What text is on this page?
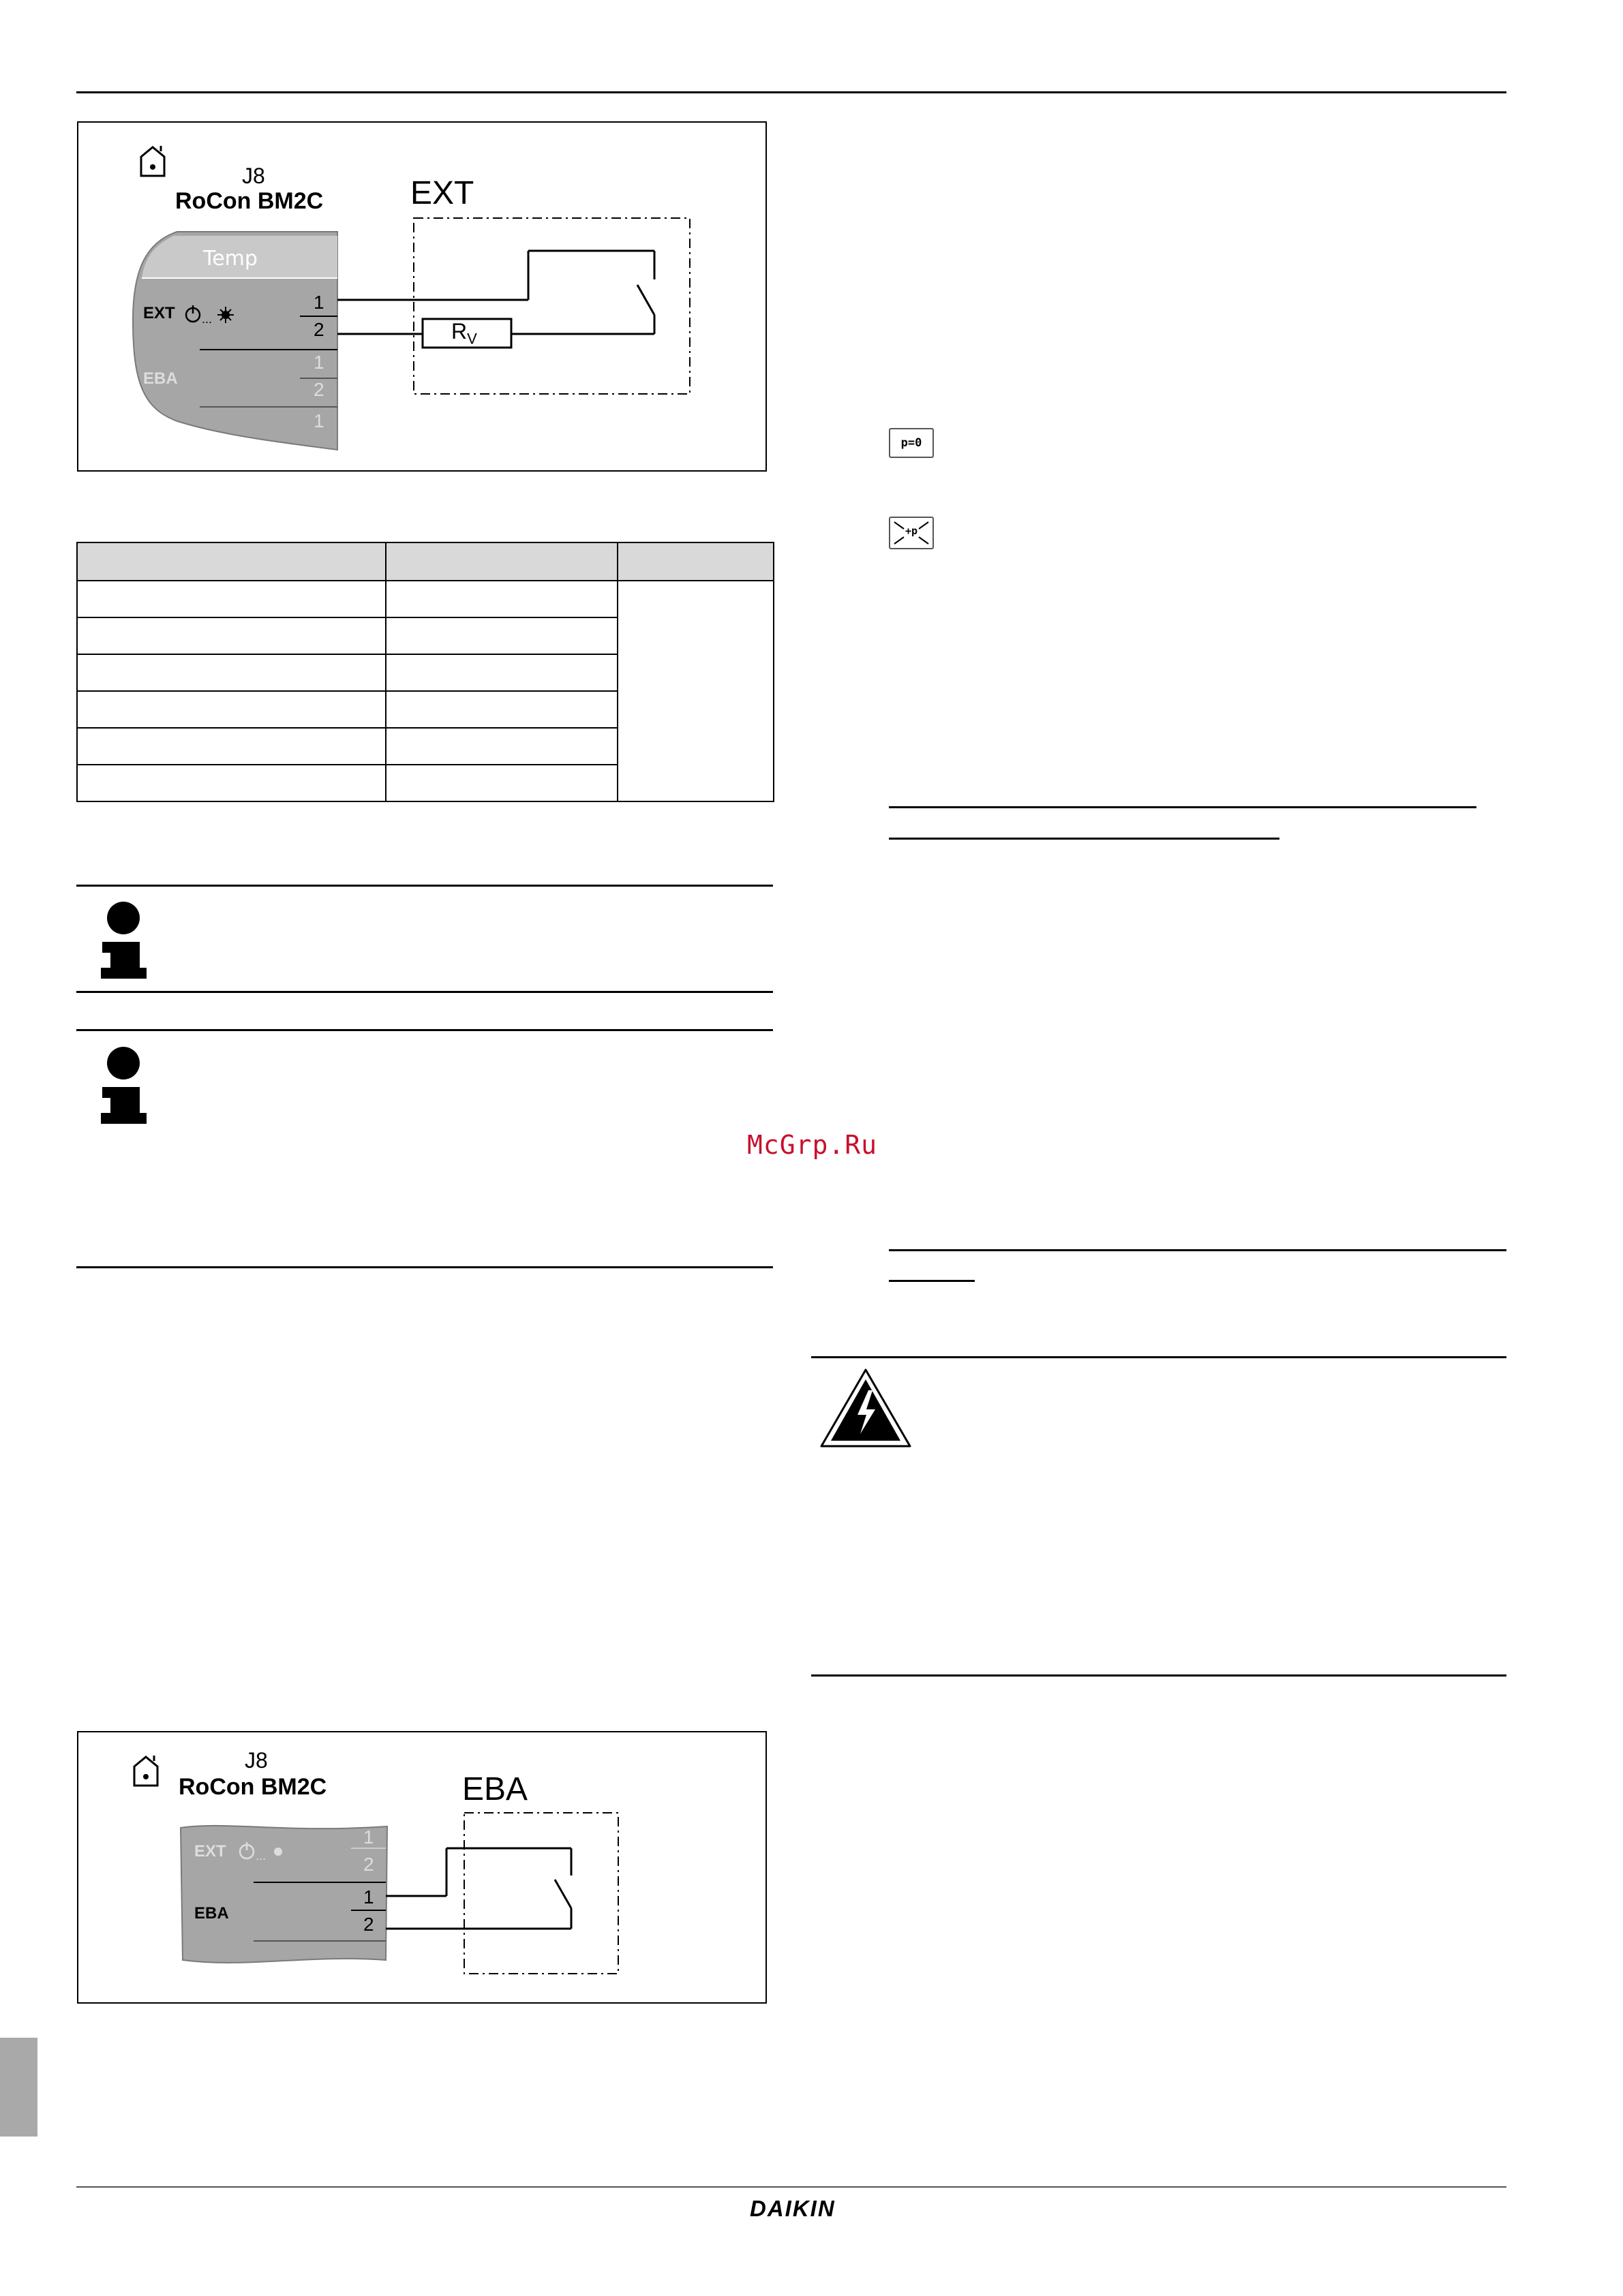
...
J8
RoCon BM2C	EXT
Temp
EXT
EBA
1
2
1
2
1
$R_V$

...
J8
RoCon BM2C	EBA
EXT
EBA
1
2
1
2
p=0
+p
McGrp.Ru
DAIKIN
